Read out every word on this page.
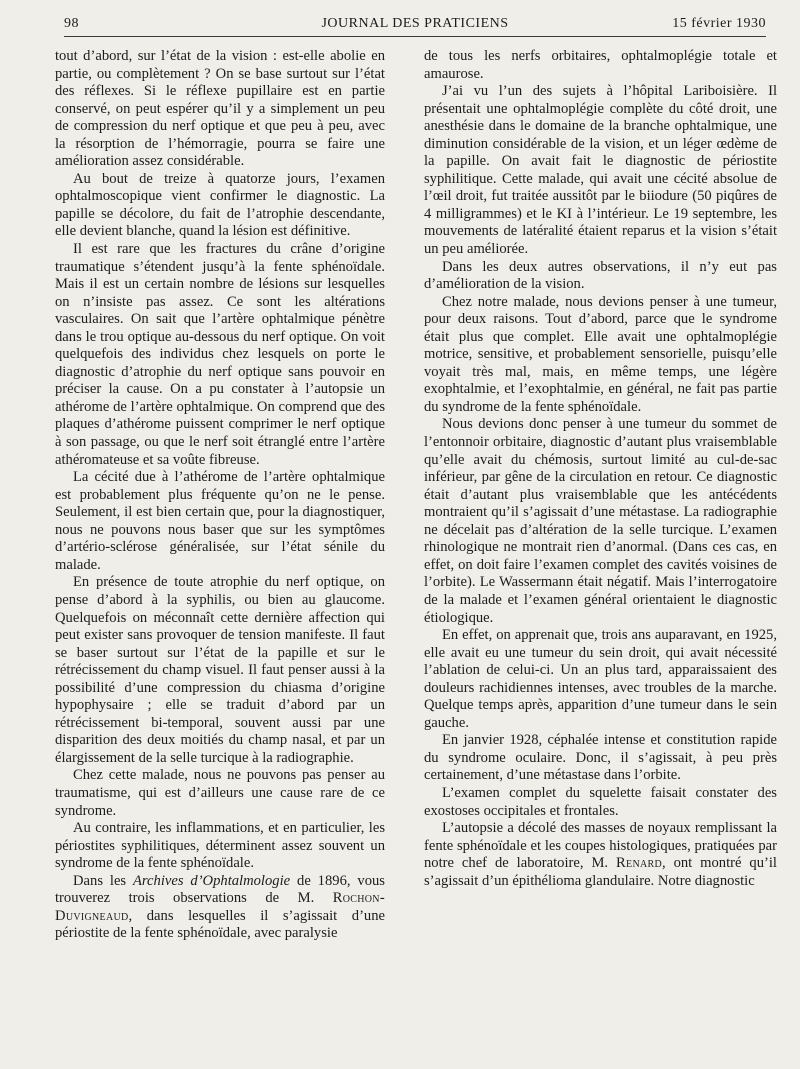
98	JOURNAL DES PRATICIENS	15 février 1930

tout d’abord, sur l’état de la vision : est-elle abolie en partie, ou complètement ? On se base surtout sur l’état des réflexes. Si le réflexe pupillaire est en partie conservé, on peut espérer qu’il y a simplement un peu de compression du nerf optique et que peu à peu, avec la résorption de l’hémorragie, pourra se faire une amélioration assez considérable.

Au bout de treize à quatorze jours, l’examen ophtalmoscopique vient confirmer le diagnostic. La papille se décolore, du fait de l’atrophie descendante, elle devient blanche, quand la lésion est définitive.

Il est rare que les fractures du crâne d’origine traumatique s’étendent jusqu’à la fente sphénoïdale. Mais il est un certain nombre de lésions sur lesquelles on n’insiste pas assez. Ce sont les altérations vasculaires. On sait que l’artère ophtalmique pénètre dans le trou optique au-dessous du nerf optique. On voit quelquefois des individus chez lesquels on porte le diagnostic d’atrophie du nerf optique sans pouvoir en préciser la cause. On a pu constater à l’autopsie un athérome de l’artère ophtalmique. On comprend que des plaques d’athérome puissent comprimer le nerf optique à son passage, ou que le nerf soit étranglé entre l’artère athéromateuse et sa voûte fibreuse.

La cécité due à l’athérome de l’artère ophtalmique est probablement plus fréquente qu’on ne le pense. Seulement, il est bien certain que, pour la diagnostiquer, nous ne pouvons nous baser que sur les symptômes d’artério-sclérose généralisée, sur l’état sénile du malade.

En présence de toute atrophie du nerf optique, on pense d’abord à la syphilis, ou bien au glaucome. Quelquefois on méconnaît cette dernière affection qui peut exister sans provoquer de tension manifeste. Il faut se baser surtout sur l’état de la papille et sur le rétrécissement du champ visuel. Il faut penser aussi à la possibilité d’une compression du chiasma d’origine hypophysaire ; elle se traduit d’abord par un rétrécissement bi-temporal, souvent aussi par une disparition des deux moitiés du champ nasal, et par un élargissement de la selle turcique à la radiographie.

Chez cette malade, nous ne pouvons pas penser au traumatisme, qui est d’ailleurs une cause rare de ce syndrome.

Au contraire, les inflammations, et en particulier, les périostites syphilitiques, déterminent assez souvent un syndrome de la fente sphénoïdale.

Dans les Archives d’Ophtalmologie de 1896, vous trouverez trois observations de M. Rochon-Duvigneaud, dans lesquelles il s’agissait d’une périostite de la fente sphénoïdale, avec paralysie

de tous les nerfs orbitaires, ophtalmoplégie totale et amaurose.

J’ai vu l’un des sujets à l’hôpital Lariboisière. Il présentait une ophtalmoplégie complète du côté droit, une anesthésie dans le domaine de la branche ophtalmique, une diminution considérable de la vision, et un léger œdème de la papille. On avait fait le diagnostic de périostite syphilitique. Cette malade, qui avait une cécité absolue de l’œil droit, fut traitée aussitôt par le biiodure (50 piqûres de 4 milligrammes) et le KI à l’intérieur. Le 19 septembre, les mouvements de latéralité étaient reparus et la vision s’était un peu améliorée.

Dans les deux autres observations, il n’y eut pas d’amélioration de la vision.

Chez notre malade, nous devions penser à une tumeur, pour deux raisons. Tout d’abord, parce que le syndrome était plus que complet. Elle avait une ophtalmoplégie motrice, sensitive, et probablement sensorielle, puisqu’elle voyait très mal, mais, en même temps, une légère exophtalmie, et l’exophtalmie, en général, ne fait pas partie du syndrome de la fente sphénoïdale.

Nous devions donc penser à une tumeur du sommet de l’entonnoir orbitaire, diagnostic d’autant plus vraisemblable qu’elle avait du chémosis, surtout limité au cul-de-sac inférieur, par gêne de la circulation en retour. Ce diagnostic était d’autant plus vraisemblable que les antécédents montraient qu’il s’agissait d’une métastase. La radiographie ne décelait pas d’altération de la selle turcique. L’examen rhinologique ne montrait rien d’anormal. (Dans ces cas, en effet, on doit faire l’examen complet des cavités voisines de l’orbite). Le Wassermann était négatif. Mais l’interrogatoire de la malade et l’examen général orientaient le diagnostic étiologique.

En effet, on apprenait que, trois ans auparavant, en 1925, elle avait eu une tumeur du sein droit, qui avait nécessité l’ablation de celui-ci. Un an plus tard, apparaissaient des douleurs rachidiennes intenses, avec troubles de la marche. Quelque temps après, apparition d’une tumeur dans le sein gauche.

En janvier 1928, céphalée intense et constitution rapide du syndrome oculaire. Donc, il s’agissait, à peu près certainement, d’une métastase dans l’orbite.

L’examen complet du squelette faisait constater des exostoses occipitales et frontales.

L’autopsie a décolé des masses de noyaux remplissant la fente sphénoïdale et les coupes histologiques, pratiquées par notre chef de laboratoire, M. Renard, ont montré qu’il s’agissait d’un épithélioma glandulaire. Notre diagnostic
